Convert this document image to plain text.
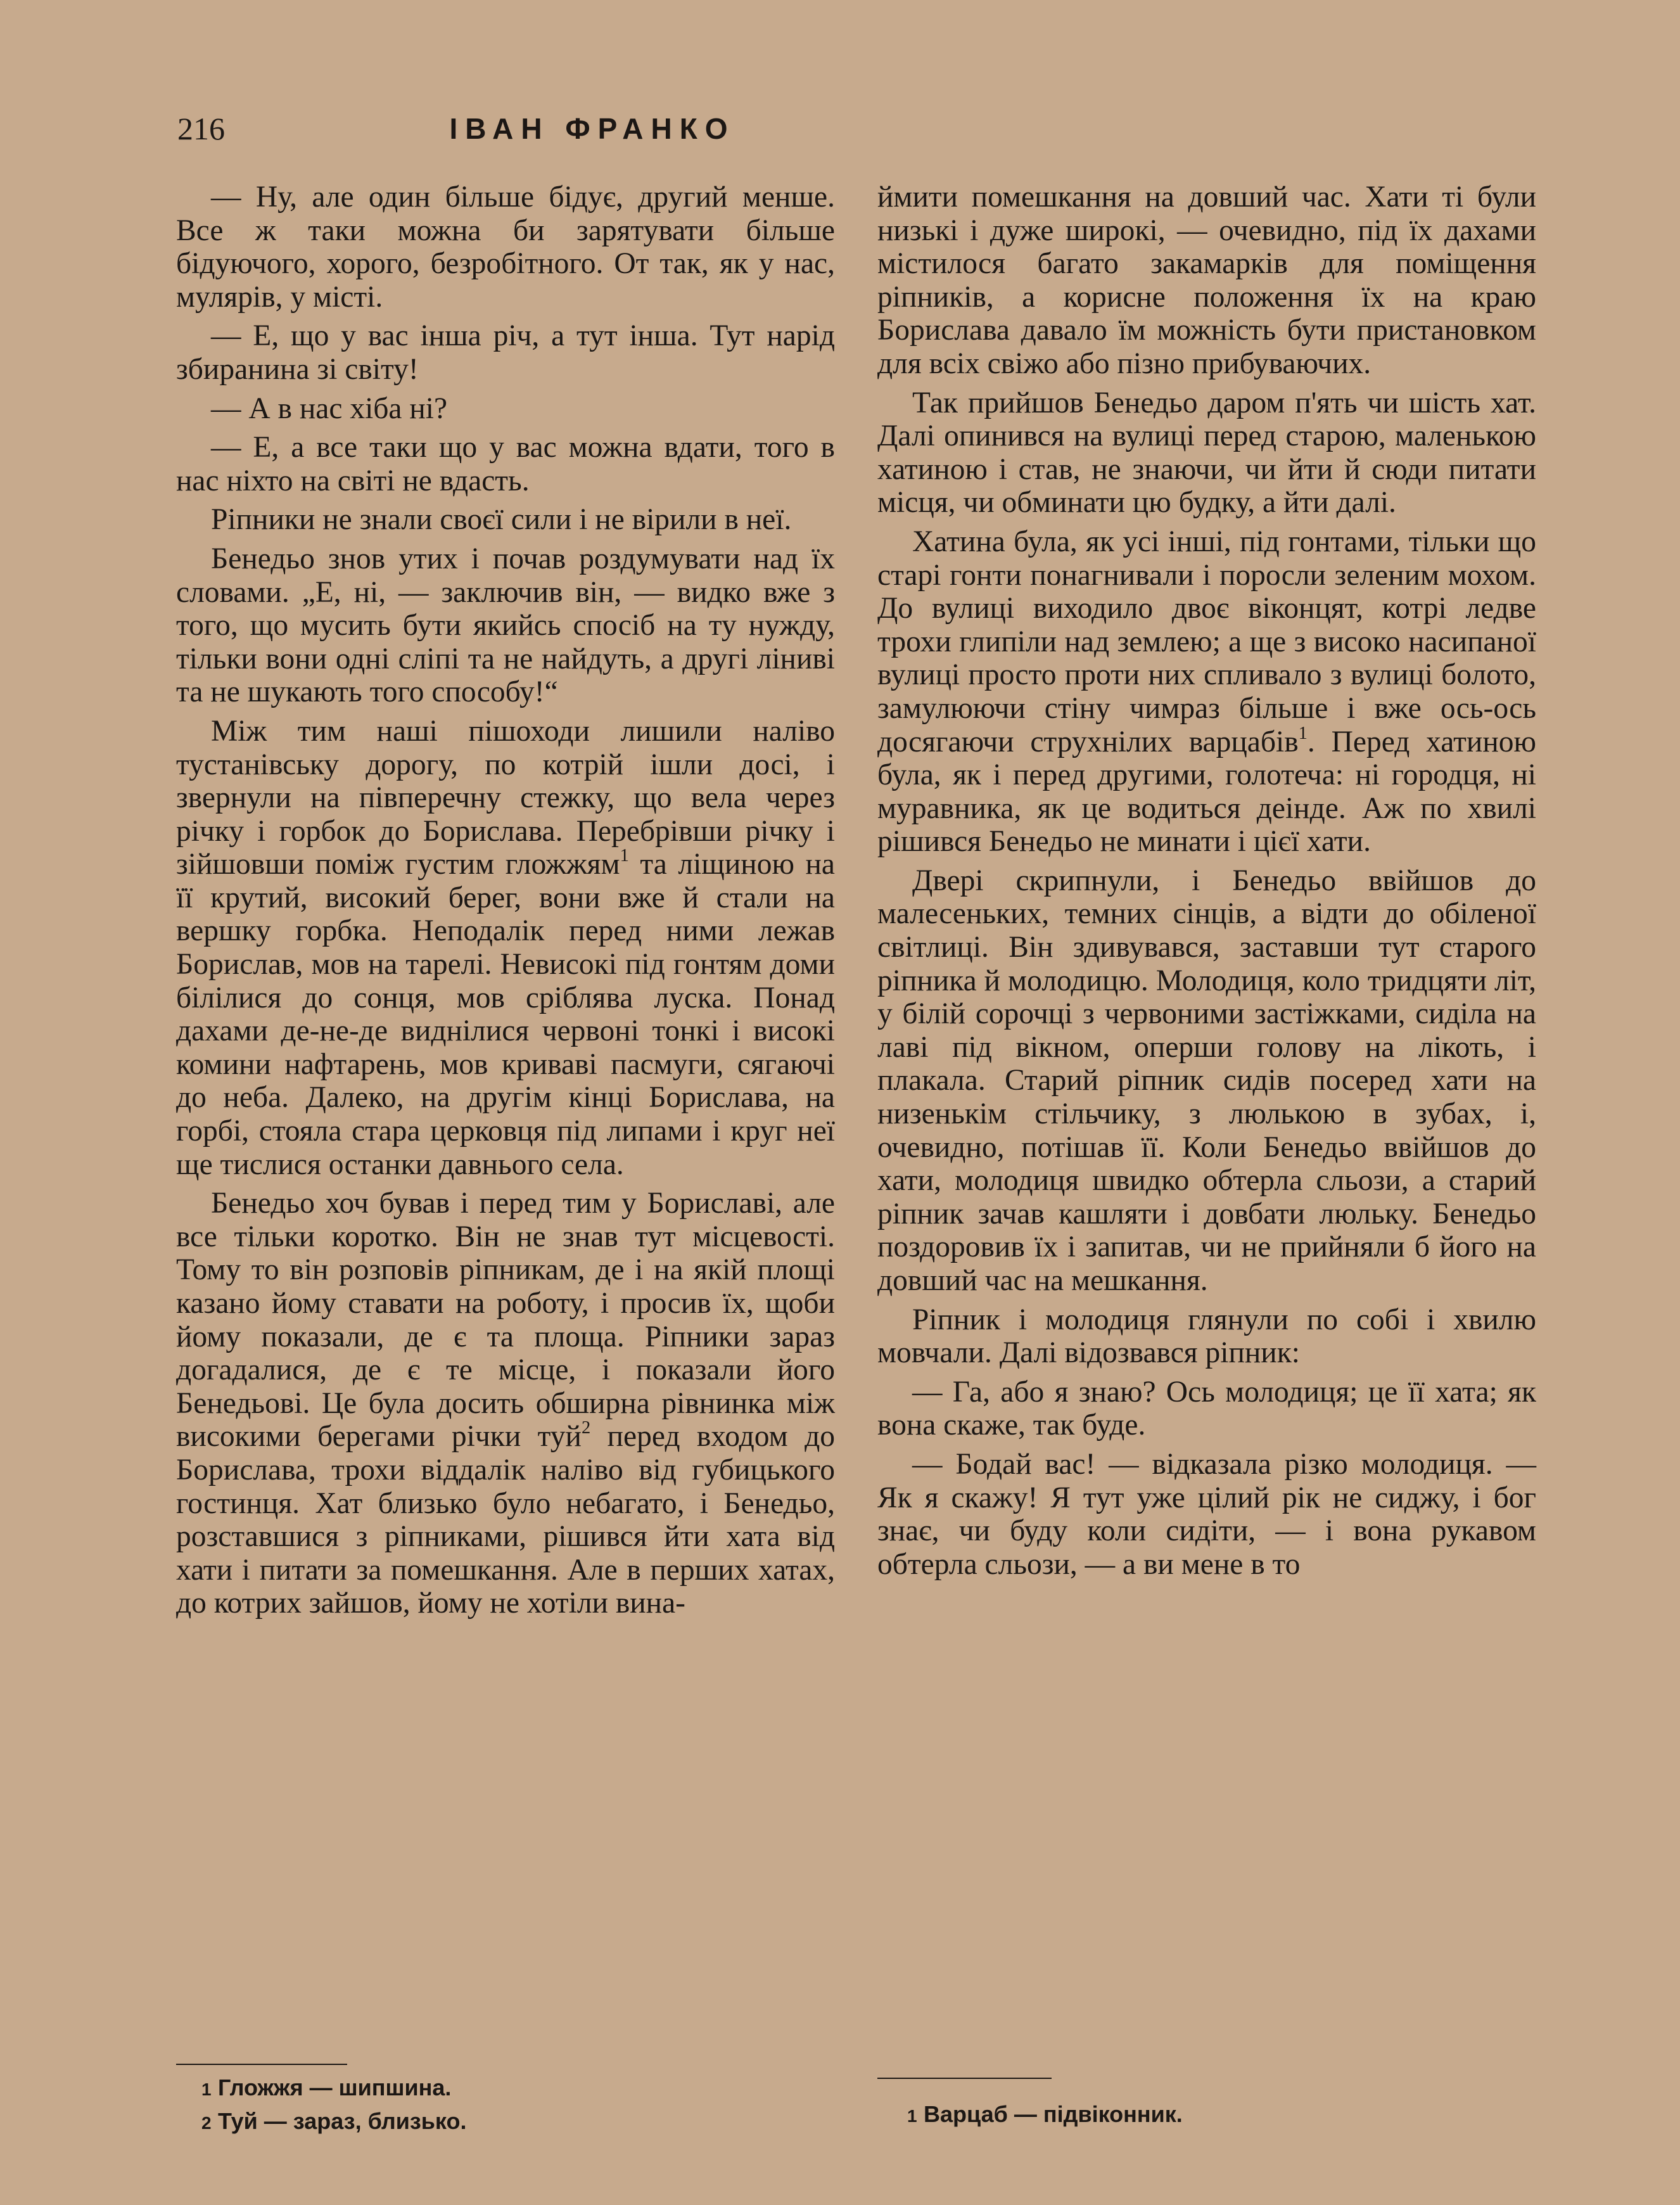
216	ІВАН ФРАНКО

— Ну, але один більше бідує, другий менше. Все ж таки можна би зарятувати більше бідуючого, хорого, безробітного. От так, як у нас, мулярів, у місті.

— Е, що у вас інша річ, а тут інша. Тут нарід збиранина зі світу!

— А в нас хіба ні?

— Е, а все таки що у вас можна вдати, того в нас ніхто на світі не вдасть.

Ріпники не знали своєї сили і не вірили в неї.

Бенедьо знов утих і почав роздумувати над їх словами. „Е, ні, — заключив він, — видко вже з того, що мусить бути якийсь спосіб на ту нужду, тільки вони одні сліпі та не найдуть, а другі ліниві та не шукають того способу!“

Між тим наші пішоходи лишили наліво тустанівську дорогу, по котрій ішли досі, і звернули на півперечну стежку, що вела через річку і горбок до Борислава. Перебрівши річку і зійшовши поміж густим гложжям$^1$ та ліщиною на її крутий, високий берег, вони вже й стали на вершку горбка. Неподалік перед ними лежав Борислав, мов на тарелі. Невисокі під гонтям доми білілися до сонця, мов сріблява луска. Понад дахами де-не-де виднілися червоні тонкі і високі комини нафтарень, мов криваві пасмуги, сягаючі до неба. Далеко, на другім кінці Борислава, на горбі, стояла стара церковця під липами і круг неї ще тислися останки давнього села.

Бенедьо хоч бував і перед тим у Бориславі, але все тільки коротко. Він не знав тут місцевості. Тому то він розповів ріпникам, де і на якій площі казано йому ставати на роботу, і просив їх, щоби йому показали, де є та площа. Ріпники зараз догадалися, де є те місце, і показали його Бенедьові. Це була досить обширна рівнинка між високими берегами річки туй$^2$ перед входом до Борислава, трохи віддалік наліво від губицького гостинця. Хат близько було небагато, і Бенедьо, розставшися з ріпниками, рішився йти хата від хати і питати за помешкання. Але в перших хатах, до котрих зайшов, йому не хотіли вина-

ймити помешкання на довший час. Хати ті були низькі і дуже широкі, — очевидно, під їх дахами містилося багато закамарків для поміщення ріпників, а корисне положення їх на краю Борислава давало їм можність бути пристановком для всіх свіжо або пізно прибуваючих.

Так прийшов Бенедьо даром п'ять чи шість хат. Далі опинився на вулиці перед старою, маленькою хатиною і став, не знаючи, чи йти й сюди питати місця, чи обминати цю будку, а йти далі.

Хатина була, як усі інші, під гонтами, тільки що старі гонти понагнивали і поросли зеленим мохом. До вулиці виходило двоє віконцят, котрі ледве трохи глипіли над землею; а ще з високо насипаної вулиці просто проти них спливало з вулиці болото, замулюючи стіну чимраз більше і вже ось-ось досягаючи струхнілих варцабів$^1$. Перед хатиною була, як і перед другими, голотеча: ні городця, ні муравника, як це водиться деінде. Аж по хвилі рішився Бенедьо не минати і цієї хати.

Двері скрипнули, і Бенедьо ввійшов до малесеньких, темних сінців, а відти до обіленої світлиці. Він здивувався, заставши тут старого ріпника й молодицю. Молодиця, коло тридцяти літ, у білій сорочці з червоними застіжками, сиділа на лаві під вікном, оперши голову на лікоть, і плакала. Старий ріпник сидів посеред хати на низенькім стільчику, з люлькою в зубах, і, очевидно, потішав її. Коли Бенедьо ввійшов до хати, молодиця швидко обтерла сльози, а старий ріпник зачав кашляти і довбати люльку. Бенедьо поздоровив їх і запитав, чи не прийняли б його на довший час на мешкання.

Ріпник і молодиця глянули по собі і хвилю мовчали. Далі відозвався ріпник:

— Га, або я знаю? Ось молодиця; це її хата; як вона скаже, так буде.

— Бодай вас! — відказала різко молодиця. — Як я скажу! Я тут уже цілий рік не сиджу, і бог знає, чи буду коли сидіти, — і вона рукавом обтерла сльози, — а ви мене в то

1 Гложжя — шипшина.
2 Туй — зараз, близько.	1 Варцаб — підвіконник.
